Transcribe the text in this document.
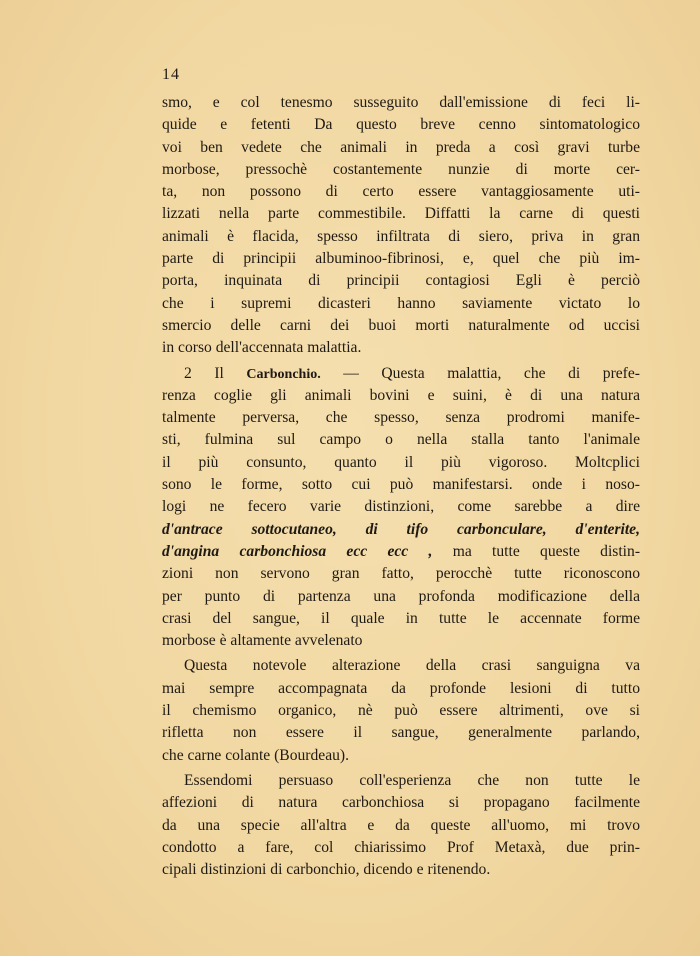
14
smo, e col tenesmo susseguito dall'emissione di feci li-
quide e fetenti Da questo breve cenno sintomatologico
voi ben vedete che animali in preda a così gravi turbe
morbose, pressochè costantemente nunzie di morte cer-
ta, non possono di certo essere vantaggiosamente uti-
lizzati nella parte commestibile. Diffatti la carne di questi
animali è flacida, spesso infiltrata di siero, priva in gran
parte di principii albuminoo-fibrinosi, e, quel che più im-
porta, inquinata di principii contagiosi Egli è perciò
che i supremi dicasteri hanno saviamente victato lo
smercio delle carni dei buoi morti naturalmente od uccisi
in corso dell'accennata malattia.
2 Il Carbonchio. — Questa malattia, che di prefe-
renza coglie gli animali bovini e suini, è di una natura
talmente perversa, che spesso, senza prodromi manife-
sti, fulmina sul campo o nella stalla tanto l'animale
il più consunto, quanto il più vigoroso. Moltcplici
sono le forme, sotto cui può manifestarsi. onde i noso-
logi ne fecero varie distinzioni, come sarebbe a dire
d'antrace sottocutaneo, di tifo carbonculare, d'enterite,
d'angina carbonchiosa ecc ecc , ma tutte queste distin-
zioni non servono gran fatto, perocchè tutte riconoscono
per punto di partenza una profonda modificazione della
crasi del sangue, il quale in tutte le accennate forme
morbose è altamente avvelenato
Questa notevole alterazione della crasi sanguigna va
mai sempre accompagnata da profonde lesioni di tutto
il chemismo organico, nè può essere altrimenti, ove si
rifletta non essere il sangue, generalmente parlando,
che carne colante (Bourdeau).
Essendomi persuaso coll'esperienza che non tutte le
affezioni di natura carbonchiosa si propagano facilmente
da una specie all'altra e da queste all'uomo, mi trovo
condotto a fare, col chiarissimo Prof Metaxà, due prin-
cipali distinzioni di carbonchio, dicendo e ritenendo.
